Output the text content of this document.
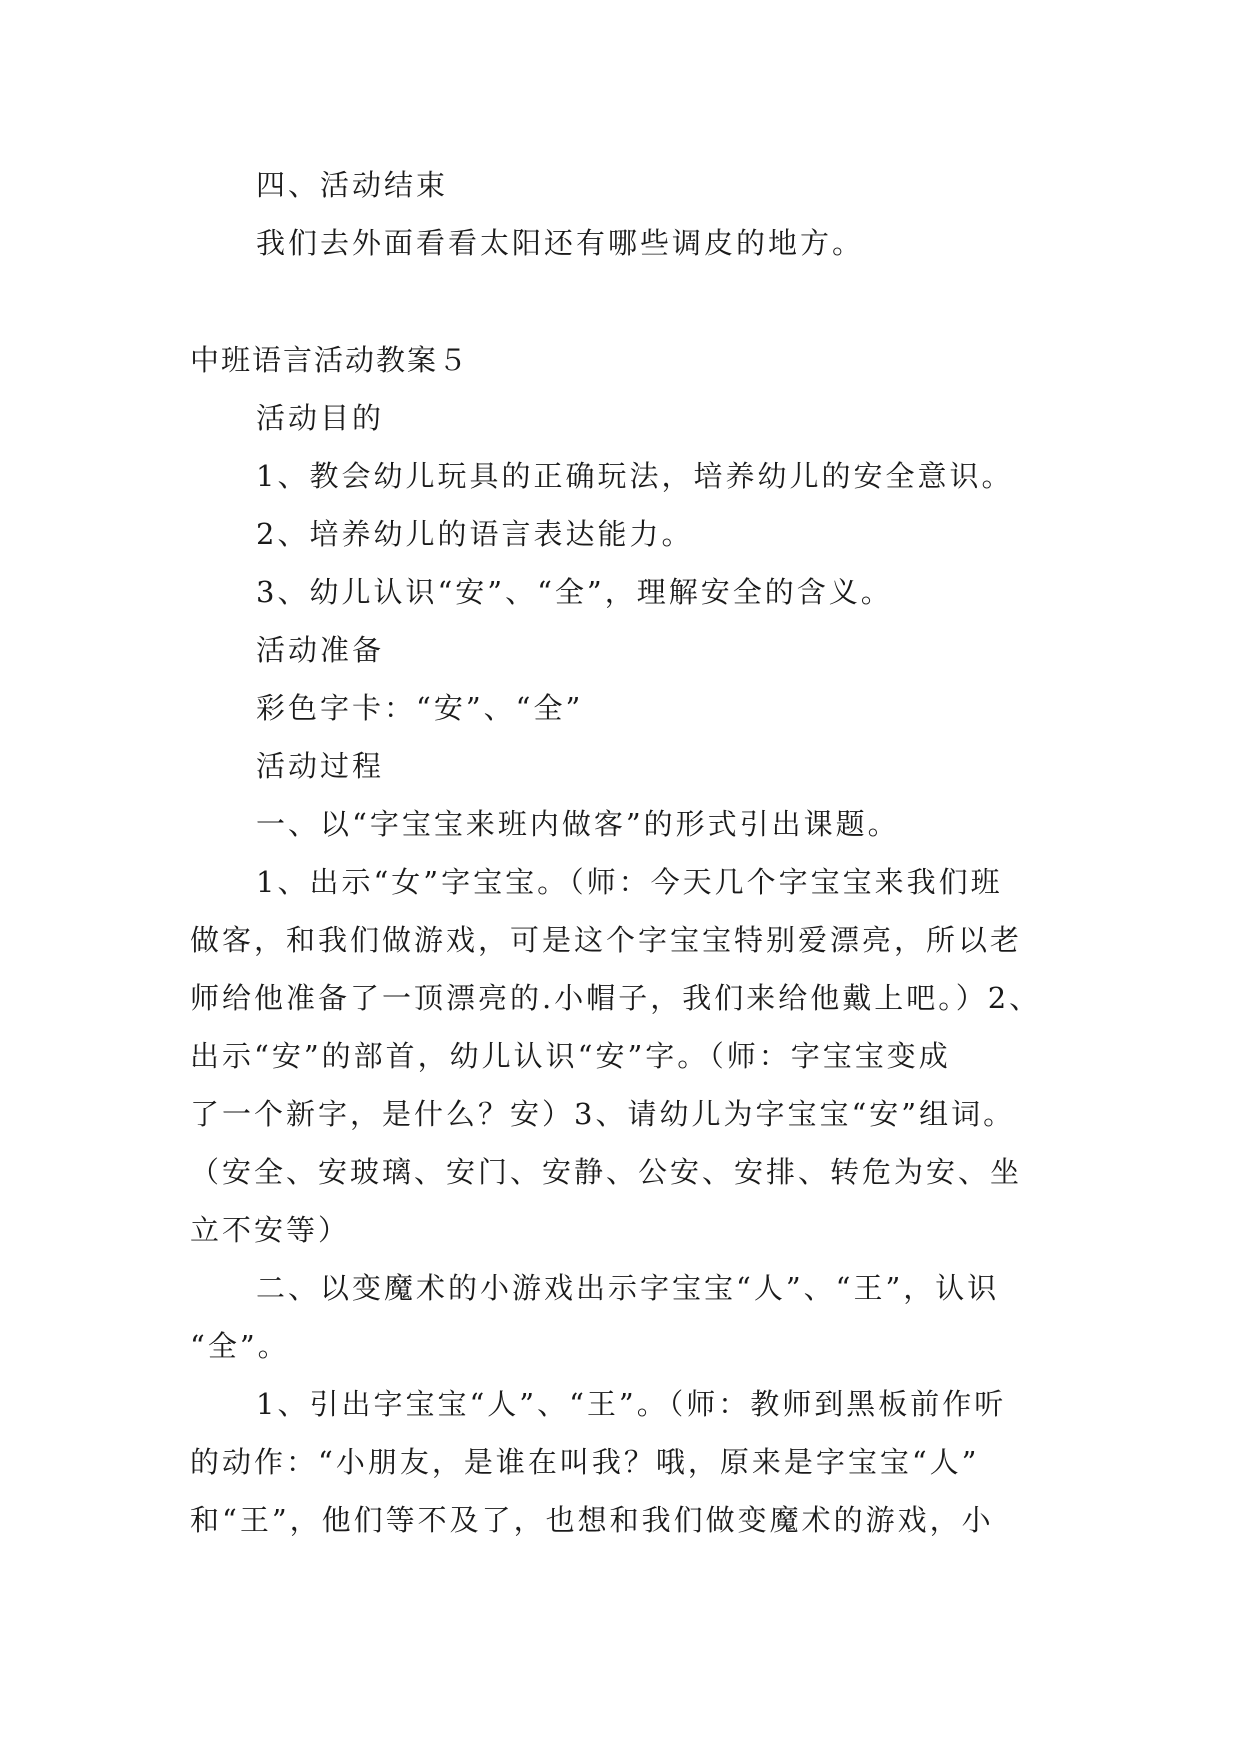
四、活动结束
我们去外面看看太阳还有哪些调皮的地方。
中班语言活动教案５
活动目的
1、教会幼儿玩具的正确玩法，培养幼儿的安全意识。
2、培养幼儿的语言表达能力。
3、幼儿认识“安”、“全”，理解安全的含义。
活动准备
彩色字卡：“安”、“全”
活动过程
一、以“字宝宝来班内做客”的形式引出课题。
1、出示“女”字宝宝。（师：今天几个字宝宝来我们班
做客，和我们做游戏，可是这个字宝宝特别爱漂亮，所以老
师给他准备了一顶漂亮的.小帽子，我们来给他戴上吧。）2、
出示“安”的部首，幼儿认识“安”字。（师：字宝宝变成
了一个新字，是什么？安）3、请幼儿为字宝宝“安”组词。
（安全、安玻璃、安门、安静、公安、安排、转危为安、坐
立不安等）
二、以变魔术的小游戏出示字宝宝“人”、“王”，认识
“全”。
1、引出字宝宝“人”、“王”。（师：教师到黑板前作听
的动作：“小朋友，是谁在叫我？哦，原来是字宝宝“人”
和“王”，他们等不及了，也想和我们做变魔术的游戏，小
